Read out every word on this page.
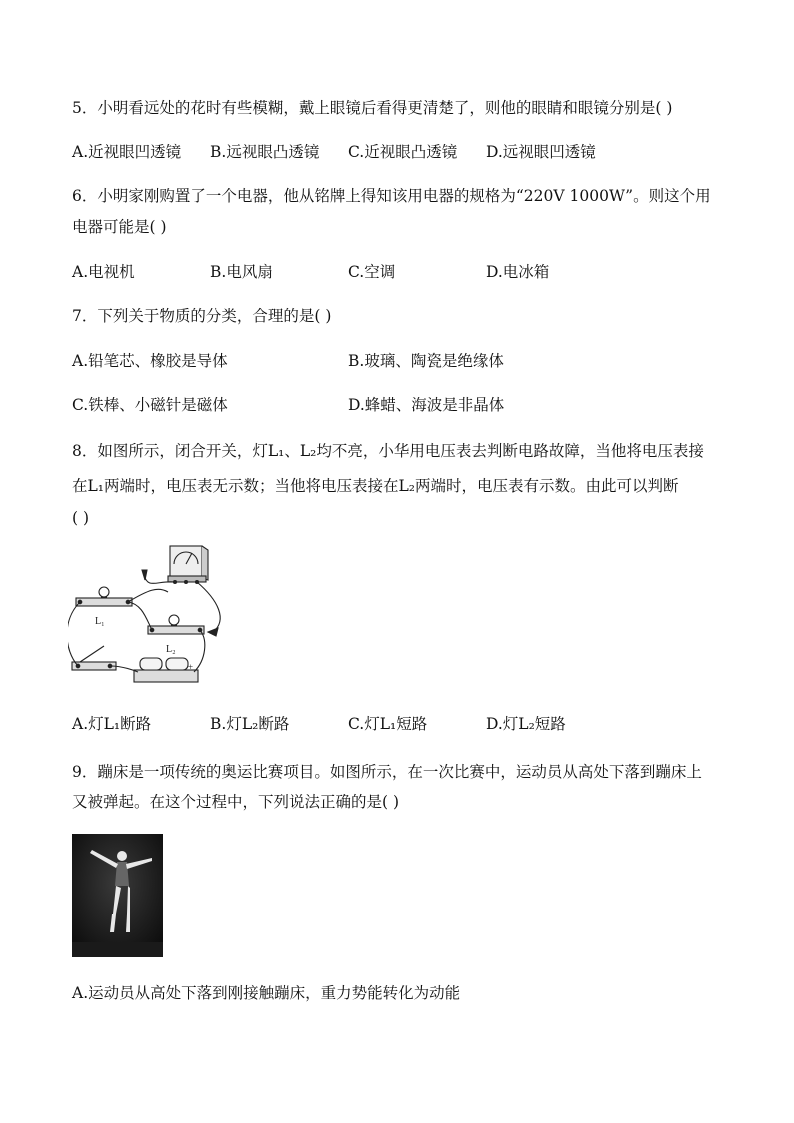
5．小明看远处的花时有些模糊，戴上眼镜后看得更清楚了，则他的眼睛和眼镜分别是( )
A.近视眼凹透镜 B.远视眼凸透镜 C.近视眼凸透镜 D.远视眼凹透镜
6．小明家刚购置了一个电器，他从铭牌上得知该用电器的规格为“220V 1000W”。则这个用
电器可能是( )
A.电视机	B.电风扇	C.空调	D.电冰箱
7．下列关于物质的分类，合理的是( )
A.铅笔芯、橡胶是导体	B.玻璃、陶瓷是绝缘体
C.铁棒、小磁针是磁体	D.蜂蜡、海波是非晶体
8．如图所示，闭合开关，灯L₁、L₂均不亮，小华用电压表去判断电路故障，当他将电压表接
在L₁两端时，电压表无示数；当他将电压表接在L₂两端时，电压表有示数。由此可以判断
( )
L₁
L₂
+
A.灯L₁断路	B.灯L₂断路	C.灯L₁短路	D.灯L₂短路
9．蹦床是一项传统的奥运比赛项目。如图所示，在一次比赛中，运动员从高处下落到蹦床上
又被弹起。在这个过程中，下列说法正确的是( )
A.运动员从高处下落到刚接触蹦床，重力势能转化为动能
